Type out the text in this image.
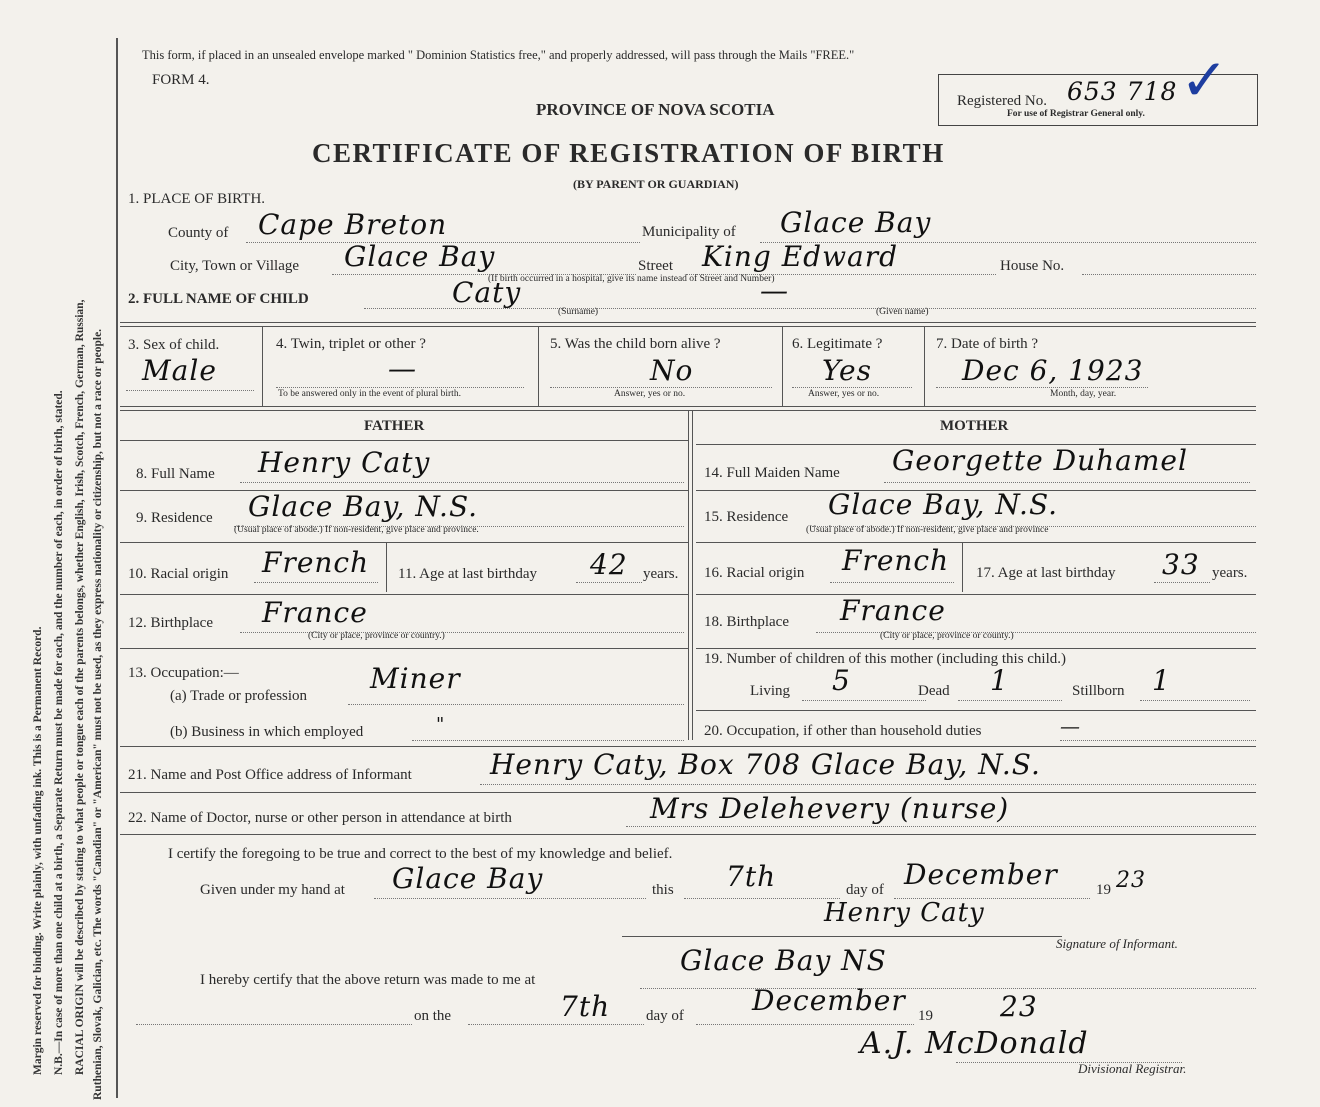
Margin reserved for binding. Write plainly, with unfading ink. This is a Permanent Record. N.B.—In case of more than one child at a birth, a Separate Return must be made for each, and the number of each, in order of birth, stated. RACIAL ORIGIN will be described by stating to what people or tongue each of the parents belongs, whether English, Irish, Scotch, French, German, Russian, Ruthenian, Slovak, Galician, etc. The words "Canadian" or "American" must not be used, as they express nationality or citizenship, but not a race or people.
This form, if placed in an unsealed envelope marked " Dominion Statistics free," and properly addressed, will pass through the Mails "FREE."
FORM 4.
PROVINCE OF NOVA SCOTIA	Registered No. 653 718
For use of Registrar General only. ✓
CERTIFICATE OF REGISTRATION OF BIRTH
(BY PARENT OR GUARDIAN)
1. PLACE OF BIRTH.
County of Cape Breton	Municipality of Glace Bay
City, Town or Village Glace Bay	Street King Edward	House No.
(If birth occurred in a hospital, give its name instead of Street and Number)
2. FULL NAME OF CHILD	Caty	—
(Surname)	(Given name)
3. Sex of child.
Male
4. Twin, triplet or other ?
—
To be answered only in the event of plural birth.
5. Was the child born alive ?
No
Answer, yes or no.
6. Legitimate ?
Yes
Answer, yes or no.
7. Date of birth ?
Dec 6, 1923
Month, day, year.
FATHER	MOTHER
8. Full Name Henry Caty	14. Full Maiden Name Georgette Duhamel
9. Residence Glace Bay, N.S.
(Usual place of abode.) If non-resident, give place and province.
15. Residence Glace Bay, N.S.
(Usual place of abode.) If non-resident, give place and province
10. Racial origin French 11. Age at last birthday 42 years. 16. Racial origin French 17. Age at last birthday 33 years.
12. Birthplace France
(City or place, province or country.)
18. Birthplace France
(City or place, province or county.)
13. Occupation:—
(a) Trade or profession
Miner
(b) Business in which employed	"
19. Number of children of this mother (including this child.)
Living 5	Dead 1	Stillborn 1
20. Occupation, if other than household duties	—
21. Name and Post Office address of Informant	Henry Caty, Box 708 Glace Bay, N.S.
22. Name of Doctor, nurse or other person in attendance at birth	Mrs Delehevery (nurse)
I certify the foregoing to be true and correct to the best of my knowledge and belief.
Given under my hand at Glace Bay	this 7th	day of December	19 23
Henry Caty
Signature of Informant.
I hereby certify that the above return was made to me at
Glace Bay NS
on the	7th day of December 19 23
A.J. McDonald
Divisional Registrar.
